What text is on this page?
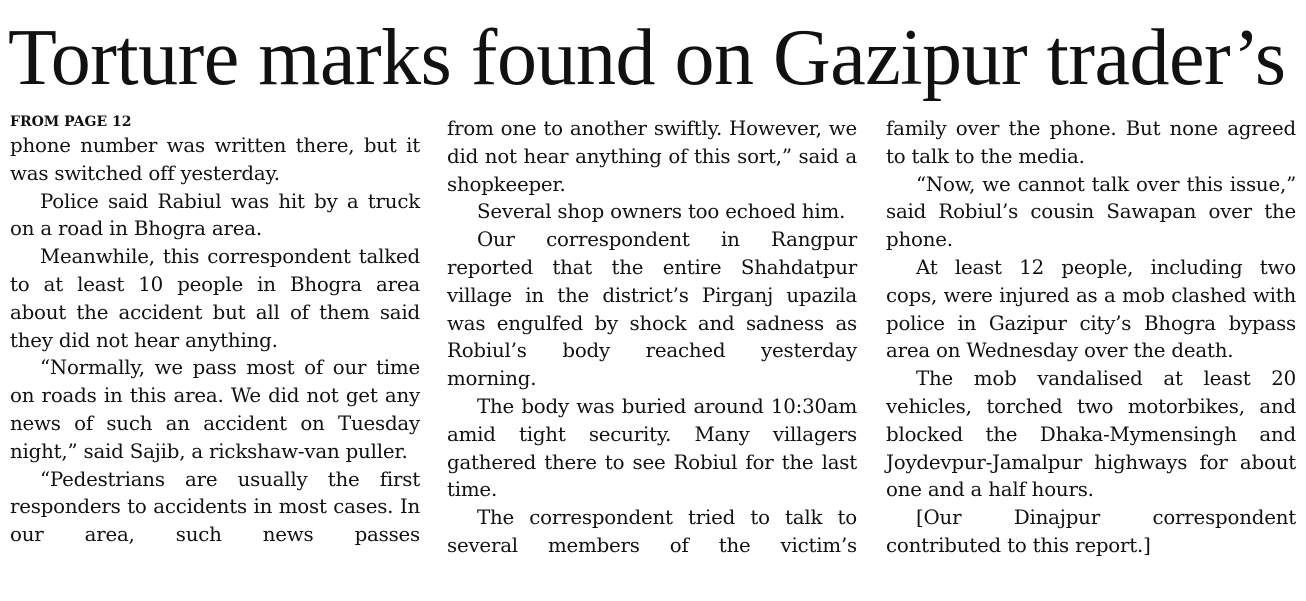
Torture marks found on Gazipur trader’s
FROM PAGE 12

phone number was written there, but it was switched off yesterday.

Police said Rabiul was hit by a truck on a road in Bhogra area.

Meanwhile, this correspondent talked to at least 10 people in Bhogra area about the accident but all of them said they did not hear anything.

“Normally, we pass most of our time on roads in this area. We did not get any news of such an accident on Tuesday night,” said Sajib, a rickshaw-van puller.

“Pedestrians are usually the first responders to accidents in most cases. In our area, such news passes

from one to another swiftly. However, we did not hear anything of this sort,” said a shopkeeper.

Several shop owners too echoed him.

Our correspondent in Rangpur reported that the entire Shahdatpur village in the district’s Pirganj upazila was engulfed by shock and sadness as Robiul’s body reached yesterday morning.

The body was buried around 10:30am amid tight security. Many villagers gathered there to see Robiul for the last time.

The correspondent tried to talk to several members of the victim’s

family over the phone. But none agreed to talk to the media.

“Now, we cannot talk over this issue,” said Robiul’s cousin Sawapan over the phone.

At least 12 people, including two cops, were injured as a mob clashed with police in Gazipur city’s Bhogra bypass area on Wednesday over the death.

The mob vandalised at least 20 vehicles, torched two motorbikes, and blocked the Dhaka-Mymensingh and Joydevpur-Jamalpur highways for about one and a half hours.

[Our Dinajpur correspondent contributed to this report.]
